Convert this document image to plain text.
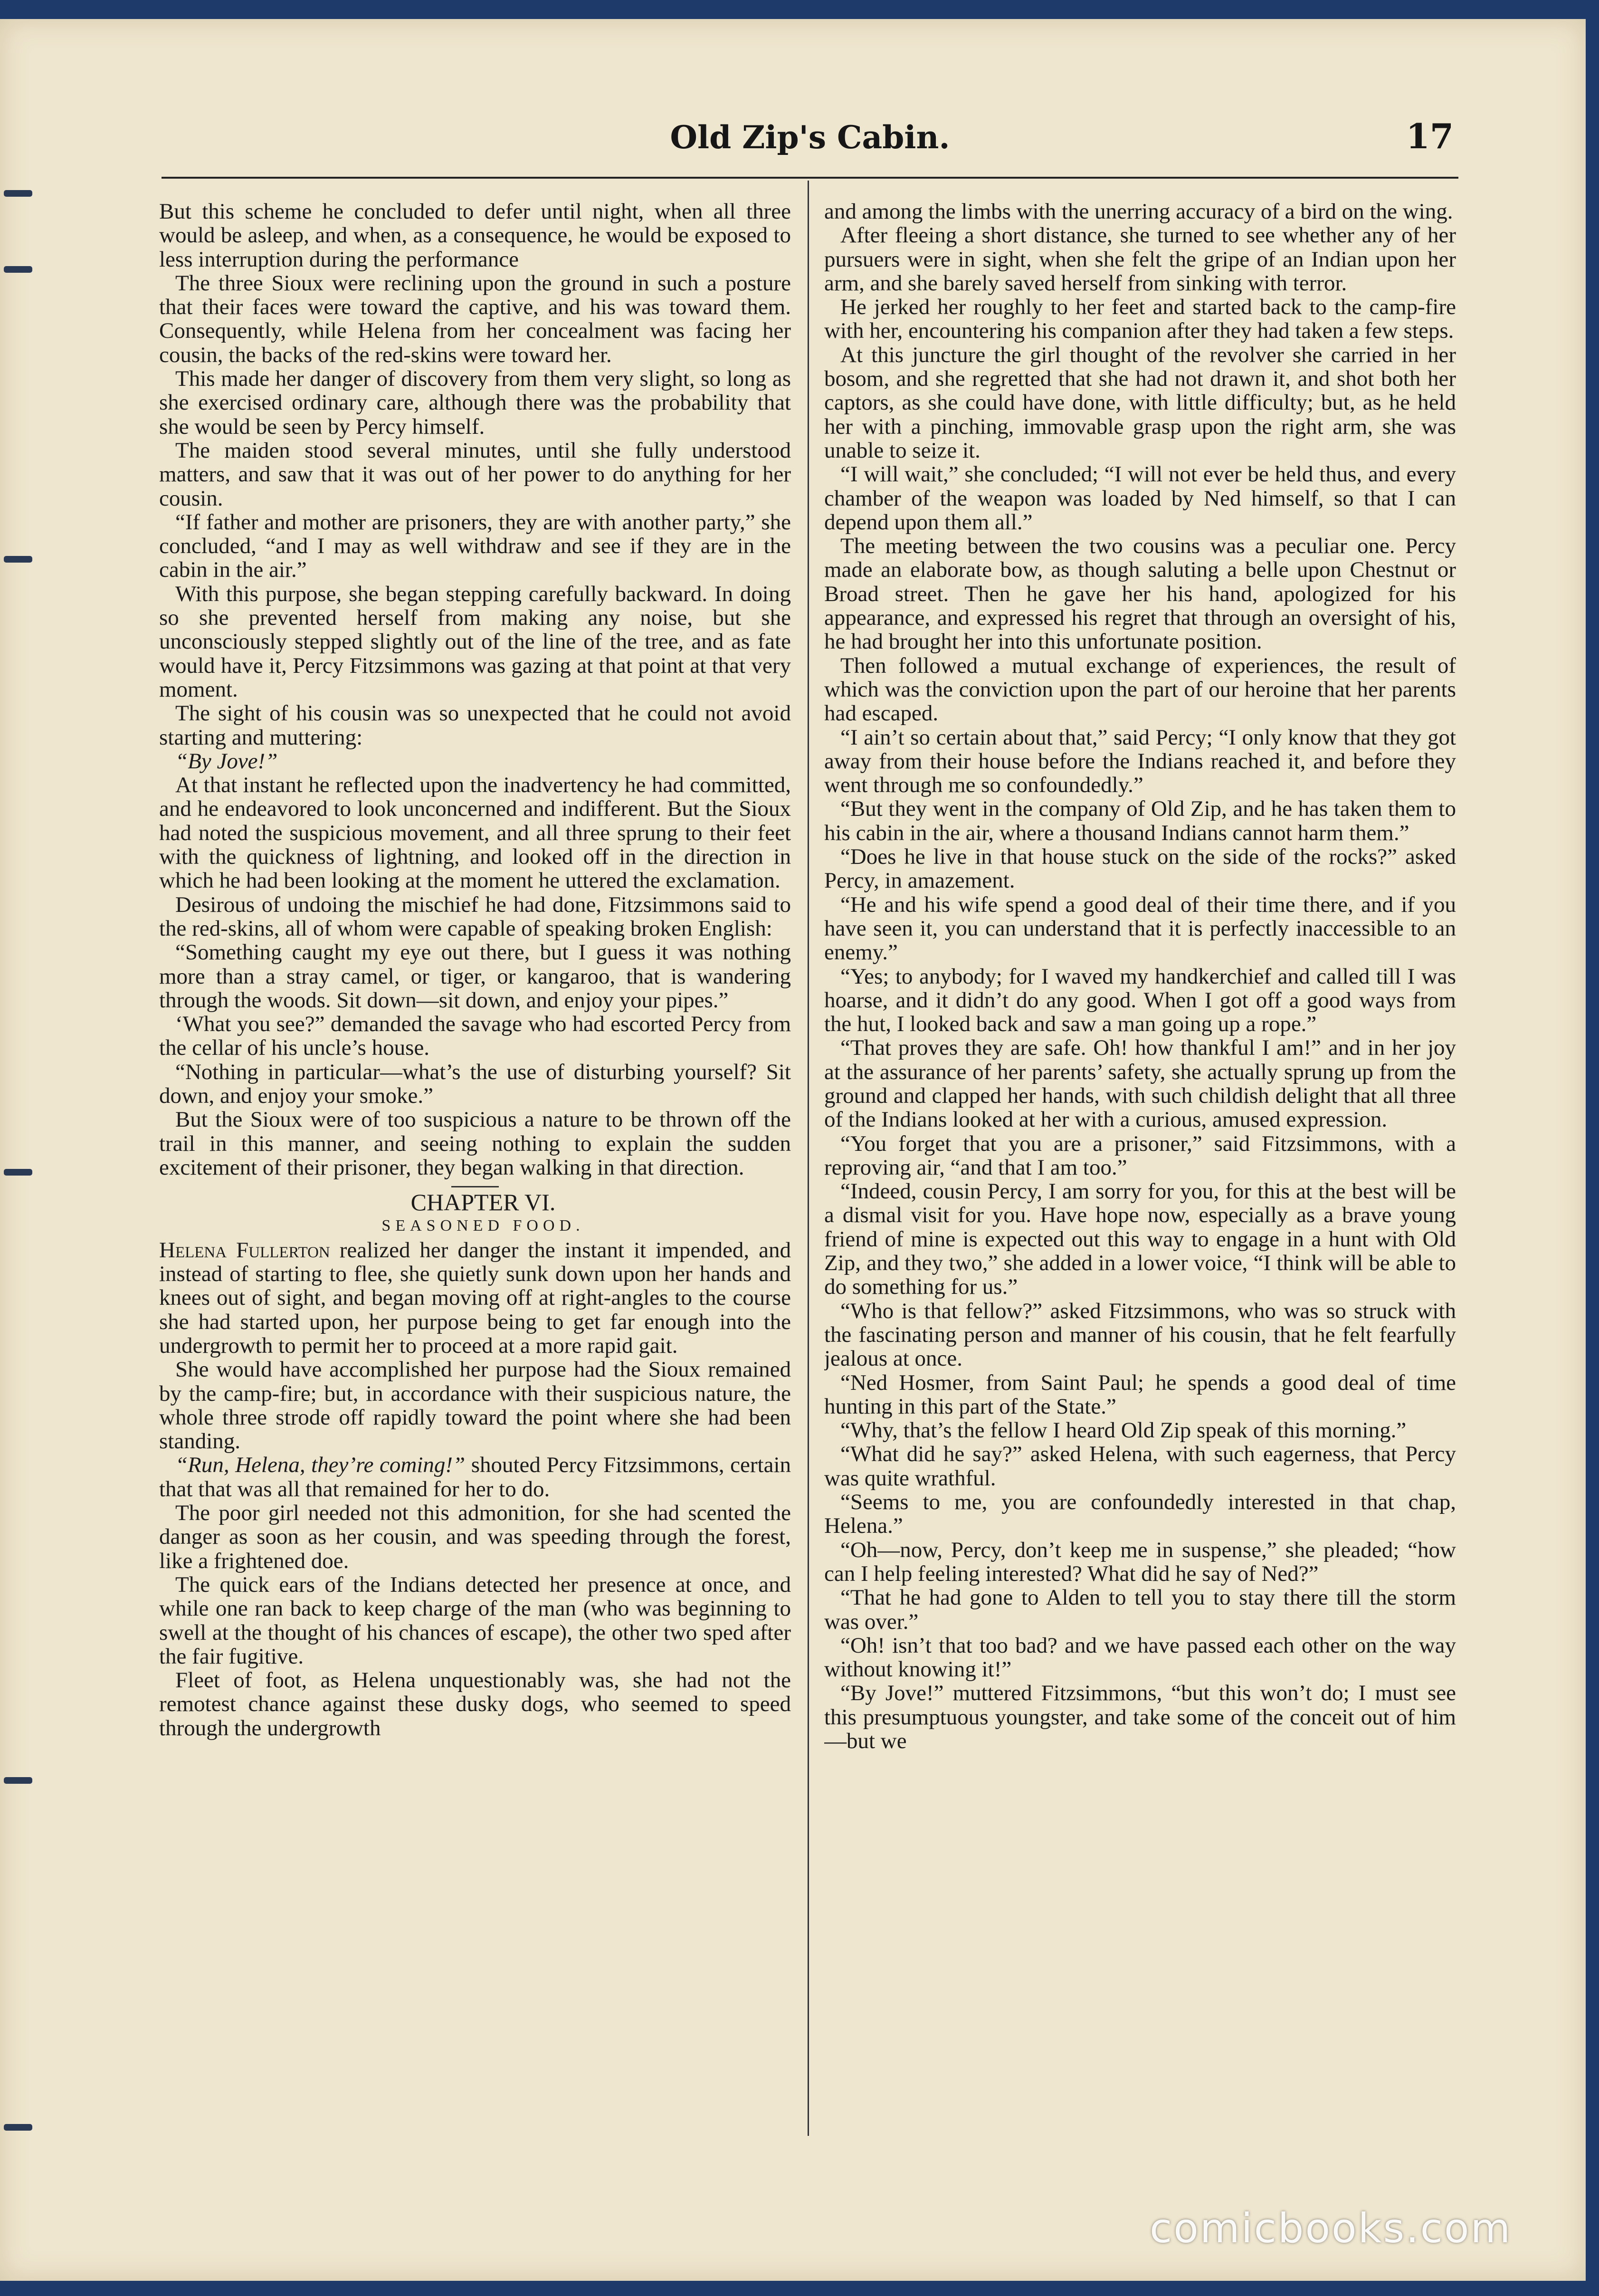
Old Zip's Cabin.	17

But this scheme he concluded to defer until night, when all three would be asleep, and when, as a consequence, he would be exposed to less interruption during the performance

The three Sioux were reclining upon the ground in such a posture that their faces were toward the captive, and his was toward them. Consequently, while Helena from her concealment was facing her cousin, the backs of the red-skins were toward her.

This made her danger of discovery from them very slight, so long as she exercised ordinary care, although there was the probability that she would be seen by Percy himself.

The maiden stood several minutes, until she fully understood matters, and saw that it was out of her power to do anything for her cousin.

“If father and mother are prisoners, they are with another party,” she concluded, “and I may as well withdraw and see if they are in the cabin in the air.”

With this purpose, she began stepping carefully backward. In doing so she prevented herself from making any noise, but she unconsciously stepped slightly out of the line of the tree, and as fate would have it, Percy Fitzsimmons was gazing at that point at that very moment.

The sight of his cousin was so unexpected that he could not avoid starting and muttering:

“By Jove!”

At that instant he reflected upon the inadvertency he had committed, and he endeavored to look unconcerned and indifferent. But the Sioux had noted the suspicious movement, and all three sprung to their feet with the quickness of lightning, and looked off in the direction in which he had been looking at the moment he uttered the exclamation.

Desirous of undoing the mischief he had done, Fitzsimmons said to the red-skins, all of whom were capable of speaking broken English:

“Something caught my eye out there, but I guess it was nothing more than a stray camel, or tiger, or kangaroo, that is wandering through the woods. Sit down—sit down, and enjoy your pipes.”

‘What you see?” demanded the savage who had escorted Percy from the cellar of his uncle’s house.

“Nothing in particular—what’s the use of disturbing yourself? Sit down, and enjoy your smoke.”

But the Sioux were of too suspicious a nature to be thrown off the trail in this manner, and seeing nothing to explain the sudden excitement of their prisoner, they began walking in that direction.

CHAPTER VI.

SEASONED FOOD.

Helena Fullerton realized her danger the instant it impended, and instead of starting to flee, she quietly sunk down upon her hands and knees out of sight, and began moving off at right-angles to the course she had started upon, her purpose being to get far enough into the undergrowth to permit her to proceed at a more rapid gait.

She would have accomplished her purpose had the Sioux remained by the camp-fire; but, in accordance with their suspicious nature, the whole three strode off rapidly toward the point where she had been standing.

“Run, Helena, they’re coming!” shouted Percy Fitzsimmons, certain that that was all that remained for her to do.

The poor girl needed not this admonition, for she had scented the danger as soon as her cousin, and was speeding through the forest, like a frightened doe.

The quick ears of the Indians detected her presence at once, and while one ran back to keep charge of the man (who was beginning to swell at the thought of his chances of escape), the other two sped after the fair fugitive.

Fleet of foot, as Helena unquestionably was, she had not the remotest chance against these dusky dogs, who seemed to speed through the undergrowth

and among the limbs with the unerring accuracy of a bird on the wing.

After fleeing a short distance, she turned to see whether any of her pursuers were in sight, when she felt the gripe of an Indian upon her arm, and she barely saved herself from sinking with terror.

He jerked her roughly to her feet and started back to the camp-fire with her, encountering his companion after they had taken a few steps.

At this juncture the girl thought of the revolver she carried in her bosom, and she regretted that she had not drawn it, and shot both her captors, as she could have done, with little difficulty; but, as he held her with a pinching, immovable grasp upon the right arm, she was unable to seize it.

“I will wait,” she concluded; “I will not ever be held thus, and every chamber of the weapon was loaded by Ned himself, so that I can depend upon them all.”

The meeting between the two cousins was a peculiar one. Percy made an elaborate bow, as though saluting a belle upon Chestnut or Broad street. Then he gave her his hand, apologized for his appearance, and expressed his regret that through an oversight of his, he had brought her into this unfortunate position.

Then followed a mutual exchange of experiences, the result of which was the conviction upon the part of our heroine that her parents had escaped.

“I ain’t so certain about that,” said Percy; “I only know that they got away from their house before the Indians reached it, and before they went through me so confoundedly.”

“But they went in the company of Old Zip, and he has taken them to his cabin in the air, where a thousand Indians cannot harm them.”

“Does he live in that house stuck on the side of the rocks?” asked Percy, in amazement.

“He and his wife spend a good deal of their time there, and if you have seen it, you can understand that it is perfectly inaccessible to an enemy.”

“Yes; to anybody; for I waved my handkerchief and called till I was hoarse, and it didn’t do any good. When I got off a good ways from the hut, I looked back and saw a man going up a rope.”

“That proves they are safe. Oh! how thankful I am!” and in her joy at the assurance of her parents’ safety, she actually sprung up from the ground and clapped her hands, with such childish delight that all three of the Indians looked at her with a curious, amused expression.

“You forget that you are a prisoner,” said Fitzsimmons, with a reproving air, “and that I am too.”

“Indeed, cousin Percy, I am sorry for you, for this at the best will be a dismal visit for you. Have hope now, especially as a brave young friend of mine is expected out this way to engage in a hunt with Old Zip, and they two,” she added in a lower voice, “I think will be able to do something for us.”

“Who is that fellow?” asked Fitzsimmons, who was so struck with the fascinating person and manner of his cousin, that he felt fearfully jealous at once.

“Ned Hosmer, from Saint Paul; he spends a good deal of time hunting in this part of the State.”

“Why, that’s the fellow I heard Old Zip speak of this morning.”

“What did he say?” asked Helena, with such eagerness, that Percy was quite wrathful.

“Seems to me, you are confoundedly interested in that chap, Helena.”

“Oh—now, Percy, don’t keep me in suspense,” she pleaded; “how can I help feeling interested? What did he say of Ned?”

“That he had gone to Alden to tell you to stay there till the storm was over.”

“Oh! isn’t that too bad? and we have passed each other on the way without knowing it!”

“By Jove!” muttered Fitzsimmons, “but this won’t do; I must see this presumptuous youngster, and take some of the conceit out of him—but we

comicbooks.com
